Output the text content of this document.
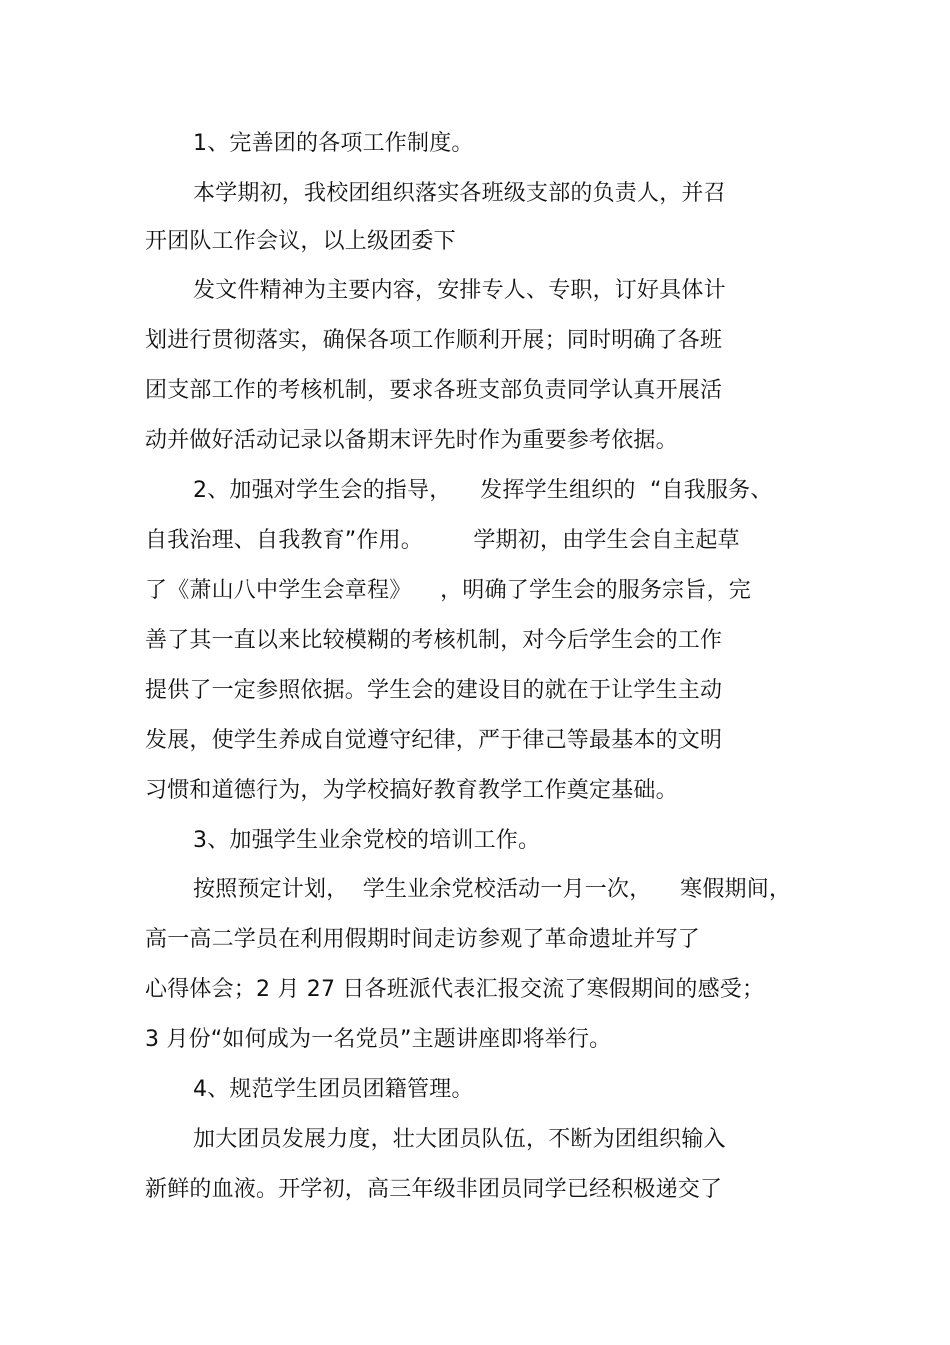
1、完善团的各项工作制度。
本学期初，我校团组织落实各班级支部的负责人，并召
开团队工作会议，以上级团委下
发文件精神为主要内容，安排专人、专职，订好具体计
划进行贯彻落实，确保各项工作顺利开展；同时明确了各班
团支部工作的考核机制，要求各班支部负责同学认真开展活
动并做好活动记录以备期末评先时作为重要参考依据。
2、加强对学生会的指导，    发挥学生组织的  “自我服务、
自我治理、自我教育”作用。       学期初，由学生会自主起草
了《萧山八中学生会章程》    ，明确了学生会的服务宗旨，完
善了其一直以来比较模糊的考核机制，对今后学生会的工作
提供了一定参照依据。学生会的建设目的就在于让学生主动
发展，使学生养成自觉遵守纪律，严于律己等最基本的文明
习惯和道德行为，为学校搞好教育教学工作奠定基础。
3、加强学生业余党校的培训工作。
按照预定计划，  学生业余党校活动一月一次，    寒假期间，
高一高二学员在利用假期时间走访参观了革命遗址并写了
心得体会；2 月 27 日各班派代表汇报交流了寒假期间的感受；
3 月份“如何成为一名党员”主题讲座即将举行。
4、规范学生团员团籍管理。
加大团员发展力度，壮大团员队伍，不断为团组织输入
新鲜的血液。开学初，高三年级非团员同学已经积极递交了
